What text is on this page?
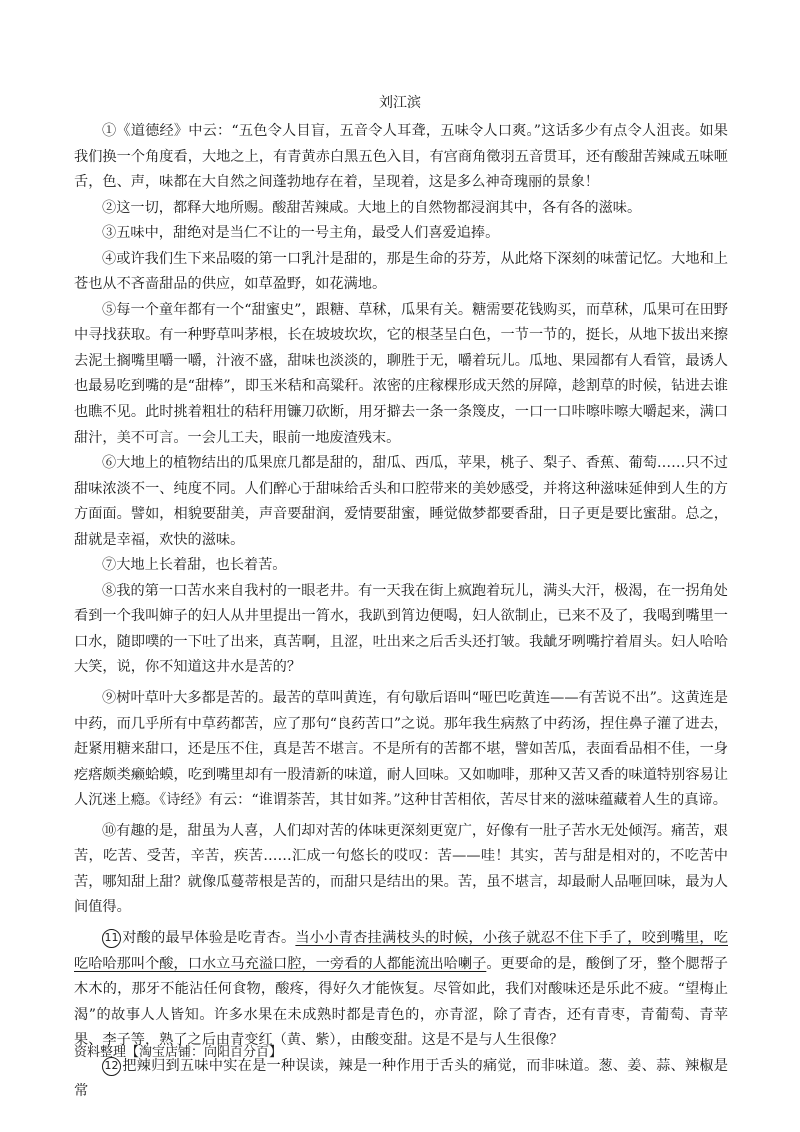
刘江滨

①《道德经》中云：“五色令人目盲，五音令人耳聋，五味令人口爽。”这话多少有点令人沮丧。如果我们换一个角度看，大地之上，有青黄赤白黑五色入目，有宫商角徵羽五音贯耳，还有酸甜苦辣咸五味咂舌，色、声，味都在大自然之间蓬勃地存在着，呈现着，这是多么神奇瑰丽的景象！

②这一切，都释大地所赐。酸甜苦辣咸。大地上的自然物都浸润其中，各有各的滋味。

③五味中，甜绝对是当仁不让的一号主角，最受人们喜爱追捧。

④或许我们生下来品啜的第一口乳汁是甜的，那是生命的芬芳，从此烙下深刻的味蕾记忆。大地和上苍也从不吝啬甜品的供应，如草盈野，如花满地。

⑤每一个童年都有一个“甜蜜史”，跟糖、草秫，瓜果有关。糖需要花钱购买，而草秫，瓜果可在田野中寻找获取。有一种野草叫茅根，长在坡坡坎坎，它的根茎呈白色，一节一节的，挺长，从地下拔出来擦去泥土搁嘴里嚼一嚼，汁液不盛，甜味也淡淡的，聊胜于无，嚼着玩儿。瓜地、果园都有人看管，最诱人也最易吃到嘴的是“甜棒”，即玉米秸和高粱秆。浓密的庄稼棵形成天然的屏障，趁割草的时候，钻进去谁也瞧不见。此时挑着粗壮的秸秆用镰刀砍断，用牙擗去一条一条篾皮，一口一口咔嚓咔嚓大嚼起来，满口甜汁，美不可言。一会儿工夫，眼前一地废渣残末。

⑥大地上的植物结出的瓜果庶几都是甜的，甜瓜、西瓜，苹果，桃子、梨子、香蕉、葡萄……只不过甜味浓淡不一、纯度不同。人们醉心于甜味给舌头和口腔带来的美妙感受，并将这种滋味延伸到人生的方方面面。譬如，相貌要甜美，声音要甜润，爱情要甜蜜，睡觉做梦都要香甜，日子更是要比蜜甜。总之，甜就是幸福，欢快的滋味。

⑦大地上长着甜，也长着苦。

⑧我的第一口苦水来自我村的一眼老井。有一天我在街上疯跑着玩儿，满头大汗，极渴，在一拐角处看到一个我叫婶子的妇人从井里提出一筲水，我趴到筲边便喝，妇人欲制止，已来不及了，我喝到嘴里一口水，随即噗的一下吐了出来，真苦啊，且涩，吐出来之后舌头还打皱。我龇牙咧嘴拧着眉头。妇人哈哈大笑，说，你不知道这井水是苦的？

⑨树叶草叶大多都是苦的。最苦的草叫黄连，有句歇后语叫“哑巴吃黄连——有苦说不出”。这黄连是中药，而几乎所有中草药都苦，应了那句“良药苦口”之说。那年我生病熬了中药汤，捏住鼻子灌了进去，赶紧用糖来甜口，还是压不住，真是苦不堪言。不是所有的苦都不堪，譬如苦瓜，表面看品相不佳，一身疙瘩颇类癞蛤蟆，吃到嘴里却有一股清新的味道，耐人回味。又如咖啡，那种又苦又香的味道特别容易让人沉迷上瘾。《诗经》有云：“谁谓荼苦，其甘如荠。”这种甘苦相依，苦尽甘来的滋味蕴藏着人生的真谛。

⑩有趣的是，甜虽为人喜，人们却对苦的体味更深刻更宽广，好像有一肚子苦水无处倾泻。痛苦，艰苦，吃苦、受苦，辛苦，疾苦……汇成一句悠长的哎叹：苦——哇！其实，苦与甜是相对的，不吃苦中苦，哪知甜上甜？就像瓜蔓蒂根是苦的，而甜只是结出的果。苦，虽不堪言，却最耐人品咂回味，最为人间值得。

11 对酸的最早体验是吃青杏。当小小青杏挂满枝头的时候，小孩子就忍不住下手了，咬到嘴里，吃吃哈哈那叫个酸，口水立马充溢口腔，一旁看的人都能流出哈喇子。更要命的是，酸倒了牙，整个腮帮子木木的，那牙不能沾任何食物，酸疼，得好久才能恢复。尽管如此，我们对酸味还是乐此不疲。“望梅止渴”的故事人人皆知。许多水果在未成熟时都是青色的，亦青涩，除了青杏，还有青枣，青葡萄、青苹果、李子等，熟了之后由青变红（黄、紫），由酸变甜。这是不是与人生很像？

12 把辣归到五味中实在是一种误读，辣是一种作用于舌头的痛觉，而非味道。葱、姜、蒜、辣椒是常

资料整理【淘宝店铺：向阳百分百】
